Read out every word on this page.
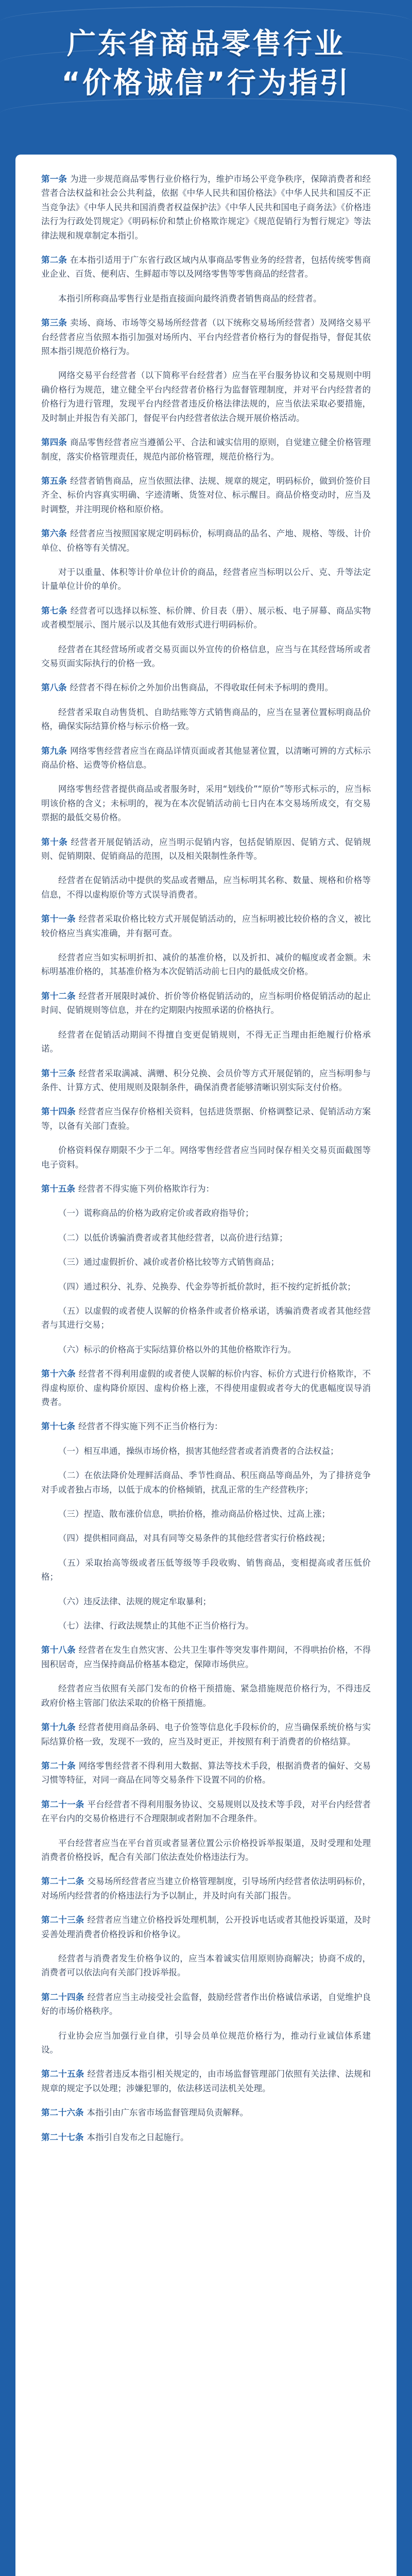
广东省商品零售行业
“价格诚信”行为指引

第一条 为进一步规范商品零售行业价格行为，维护市场公平竞争秩序，保障消费者和经营者合法权益和社会公共利益，依据《中华人民共和国价格法》《中华人民共和国反不正当竞争法》《中华人民共和国消费者权益保护法》《中华人民共和国电子商务法》《价格违法行为行政处罚规定》《明码标价和禁止价格欺诈规定》《规范促销行为暂行规定》等法律法规和规章制定本指引。

第二条 在本指引适用于广东省行政区域内从事商品零售业务的经营者，包括传统零售商业企业、百货、便利店、生鲜超市等以及网络零售等零售商品的经营者。

本指引所称商品零售行业是指直接面向最终消费者销售商品的经营者。

第三条 卖场、商场、市场等交易场所经营者（以下统称交易场所经营者）及网络交易平台经营者应当依照本指引加强对场所内、平台内经营者价格行为的督促指导，督促其依照本指引规范价格行为。

网络交易平台经营者（以下简称平台经营者）应当在平台服务协议和交易规则中明确价格行为规范，建立健全平台内经营者价格行为监督管理制度，并对平台内经营者的价格行为进行管理，发现平台内经营者违反价格法律法规的，应当依法采取必要措施，及时制止并报告有关部门，督促平台内经营者依法合规开展价格活动。

第四条 商品零售经营者应当遵循公平、合法和诚实信用的原则，自觉建立健全价格管理制度，落实价格管理责任，规范内部价格管理，规范价格行为。

第五条 经营者销售商品，应当依照法律、法规、规章的规定，明码标价，做到价签价目齐全、标价内容真实明确、字迹清晰、货签对位、标示醒目。商品价格变动时，应当及时调整，并注明现价格和原价格。

第六条 经营者应当按照国家规定明码标价，标明商品的品名、产地、规格、等级、计价单位、价格等有关情况。

对于以重量、体积等计价单位计价的商品，经营者应当标明以公斤、克、升等法定计量单位计价的单价。

第七条 经营者可以选择以标签、标价牌、价目表（册）、展示板、电子屏幕、商品实物或者模型展示、图片展示以及其他有效形式进行明码标价。

经营者在其经营场所或者交易页面以外宣传的价格信息，应当与在其经营场所或者交易页面实际执行的价格一致。

第八条 经营者不得在标价之外加价出售商品，不得收取任何未予标明的费用。

经营者采取自动售货机、自助结账等方式销售商品的，应当在显著位置标明商品价格，确保实际结算价格与标示价格一致。

第九条 网络零售经营者应当在商品详情页面或者其他显著位置，以清晰可辨的方式标示商品价格、运费等价格信息。

网络零售经营者提供商品或者服务时，采用“划线价”“原价”等形式标示的，应当标明该价格的含义；未标明的，视为在本次促销活动前七日内在本交易场所成交，有交易票据的最低交易价格。

第十条 经营者开展促销活动，应当明示促销内容，包括促销原因、促销方式、促销规则、促销期限、促销商品的范围，以及相关限制性条件等。

经营者在促销活动中提供的奖品或者赠品，应当标明其名称、数量、规格和价格等信息，不得以虚构原价等方式误导消费者。

第十一条 经营者采取价格比较方式开展促销活动的，应当标明被比较价格的含义，被比较价格应当真实准确，并有据可查。

经营者应当如实标明折扣、减价的基准价格，以及折扣、减价的幅度或者金额。未标明基准价格的，其基准价格为本次促销活动前七日内的最低成交价格。

第十二条 经营者开展限时减价、折价等价格促销活动的，应当标明价格促销活动的起止时间、促销规则等信息，并在约定期限内按照承诺的价格执行。

经营者在促销活动期间不得擅自变更促销规则，不得无正当理由拒绝履行价格承诺。

第十三条 经营者采取满减、满赠、积分兑换、会员价等方式开展促销的，应当标明参与条件、计算方式、使用规则及限制条件，确保消费者能够清晰识别实际支付价格。

第十四条 经营者应当保存价格相关资料，包括进货票据、价格调整记录、促销活动方案等，以备有关部门查验。

价格资料保存期限不少于二年。网络零售经营者应当同时保存相关交易页面截图等电子资料。

第十五条 经营者不得实施下列价格欺诈行为：

（一）谎称商品的价格为政府定价或者政府指导价；

（二）以低价诱骗消费者或者其他经营者，以高价进行结算；

（三）通过虚假折价、减价或者价格比较等方式销售商品；

（四）通过积分、礼券、兑换券、代金券等折抵价款时，拒不按约定折抵价款；

（五）以虚假的或者使人误解的价格条件或者价格承诺，诱骗消费者或者其他经营者与其进行交易；

（六）标示的价格高于实际结算价格以外的其他价格欺诈行为。

第十六条 经营者不得利用虚假的或者使人误解的标价内容、标价方式进行价格欺诈，不得虚构原价、虚构降价原因、虚构价格上涨，不得使用虚假或者夸大的优惠幅度误导消费者。

第十七条 经营者不得实施下列不正当价格行为：

（一）相互串通，操纵市场价格，损害其他经营者或者消费者的合法权益；

（二）在依法降价处理鲜活商品、季节性商品、积压商品等商品外，为了排挤竞争对手或者独占市场，以低于成本的价格倾销，扰乱正常的生产经营秩序；

（三）捏造、散布涨价信息，哄抬价格，推动商品价格过快、过高上涨；

（四）提供相同商品，对具有同等交易条件的其他经营者实行价格歧视；

（五）采取抬高等级或者压低等级等手段收购、销售商品，变相提高或者压低价格；

（六）违反法律、法规的规定牟取暴利；

（七）法律、行政法规禁止的其他不正当价格行为。

第十八条 经营者在发生自然灾害、公共卫生事件等突发事件期间，不得哄抬价格，不得囤积居奇，应当保持商品价格基本稳定，保障市场供应。

经营者应当依照有关部门发布的价格干预措施、紧急措施规范价格行为，不得违反政府价格主管部门依法采取的价格干预措施。

第十九条 经营者使用商品条码、电子价签等信息化手段标价的，应当确保系统价格与实际结算价格一致，发现不一致的，应当及时更正，并按照有利于消费者的价格结算。

第二十条 网络零售经营者不得利用大数据、算法等技术手段，根据消费者的偏好、交易习惯等特征，对同一商品在同等交易条件下设置不同的价格。

第二十一条 平台经营者不得利用服务协议、交易规则以及技术等手段，对平台内经营者在平台内的交易价格进行不合理限制或者附加不合理条件。

平台经营者应当在平台首页或者显著位置公示价格投诉举报渠道，及时受理和处理消费者价格投诉，配合有关部门依法查处价格违法行为。

第二十二条 交易场所经营者应当建立价格管理制度，引导场所内经营者依法明码标价，对场所内经营者的价格违法行为予以制止，并及时向有关部门报告。

第二十三条 经营者应当建立价格投诉处理机制，公开投诉电话或者其他投诉渠道，及时妥善处理消费者价格投诉和价格争议。

经营者与消费者发生价格争议的，应当本着诚实信用原则协商解决；协商不成的，消费者可以依法向有关部门投诉举报。

第二十四条 经营者应当主动接受社会监督，鼓励经营者作出价格诚信承诺，自觉维护良好的市场价格秩序。

行业协会应当加强行业自律，引导会员单位规范价格行为，推动行业诚信体系建设。

第二十五条 经营者违反本指引相关规定的，由市场监督管理部门依照有关法律、法规和规章的规定予以处理；涉嫌犯罪的，依法移送司法机关处理。

第二十六条 本指引由广东省市场监督管理局负责解释。

第二十七条 本指引自发布之日起施行。
